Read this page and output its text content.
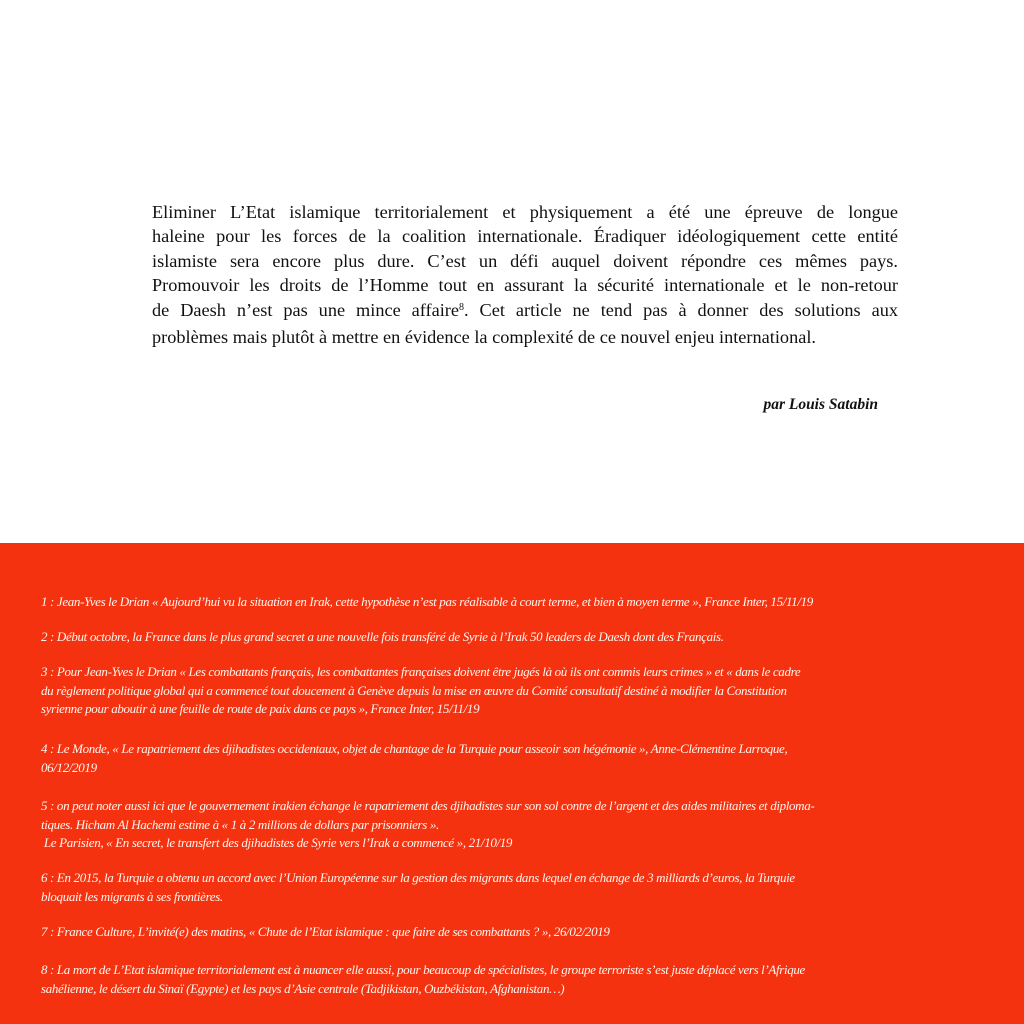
Eliminer L’Etat islamique territorialement et physiquement a été une épreuve de longue
haleine pour les forces de la coalition internationale. Éradiquer idéologiquement cette entité
islamiste sera encore plus dure. C’est un défi auquel doivent répondre ces mêmes pays.
Promouvoir les droits de l’Homme tout en assurant la sécurité internationale et le non-retour
de Daesh n’est pas une mince affaire$^8$. Cet article ne tend pas à donner des solutions aux
problèmes mais plutôt à mettre en évidence la complexité de ce nouvel enjeu international.
par Louis Satabin
1 : Jean-Yves le Drian « Aujourd’hui vu la situation en Irak, cette hypothèse n’est pas réalisable à court terme, et bien à moyen terme », France Inter, 15/11/19
2 : Début octobre, la France dans le plus grand secret a une nouvelle fois transféré de Syrie à l’Irak 50 leaders de Daesh dont des Français.
3 : Pour Jean-Yves le Drian « Les combattants français, les combattantes françaises doivent être jugés là où ils ont commis leurs crimes » et « dans le cadre
du règlement politique global qui a commencé tout doucement à Genève depuis la mise en œuvre du Comité consultatif destiné à modifier la Constitution
syrienne pour aboutir à une feuille de route de paix dans ce pays », France Inter, 15/11/19
4 : Le Monde, « Le rapatriement des djihadistes occidentaux, objet de chantage de la Turquie pour asseoir son hégémonie », Anne-Clémentine Larroque,
06/12/2019
5 : on peut noter aussi ici que le gouvernement irakien échange le rapatriement des djihadistes sur son sol contre de l’argent et des aides militaires et diploma-
tiques. Hicham Al Hachemi estime à « 1 à 2 millions de dollars par prisonniers ».
Le Parisien, « En secret, le transfert des djihadistes de Syrie vers l’Irak a commencé », 21/10/19
6 : En 2015, la Turquie a obtenu un accord avec l’Union Européenne sur la gestion des migrants dans lequel en échange de 3 milliards d’euros, la Turquie
bloquait les migrants à ses frontières.
7 : France Culture, L’invité(e) des matins, « Chute de l’Etat islamique : que faire de ses combattants ? », 26/02/2019
8 : La mort de L’Etat islamique territorialement est à nuancer elle aussi, pour beaucoup de spécialistes, le groupe terroriste s’est juste déplacé vers l’Afrique
sahélienne, le désert du Sinaï (Egypte) et les pays d’Asie centrale (Tadjikistan, Ouzbékistan, Afghanistan…)
